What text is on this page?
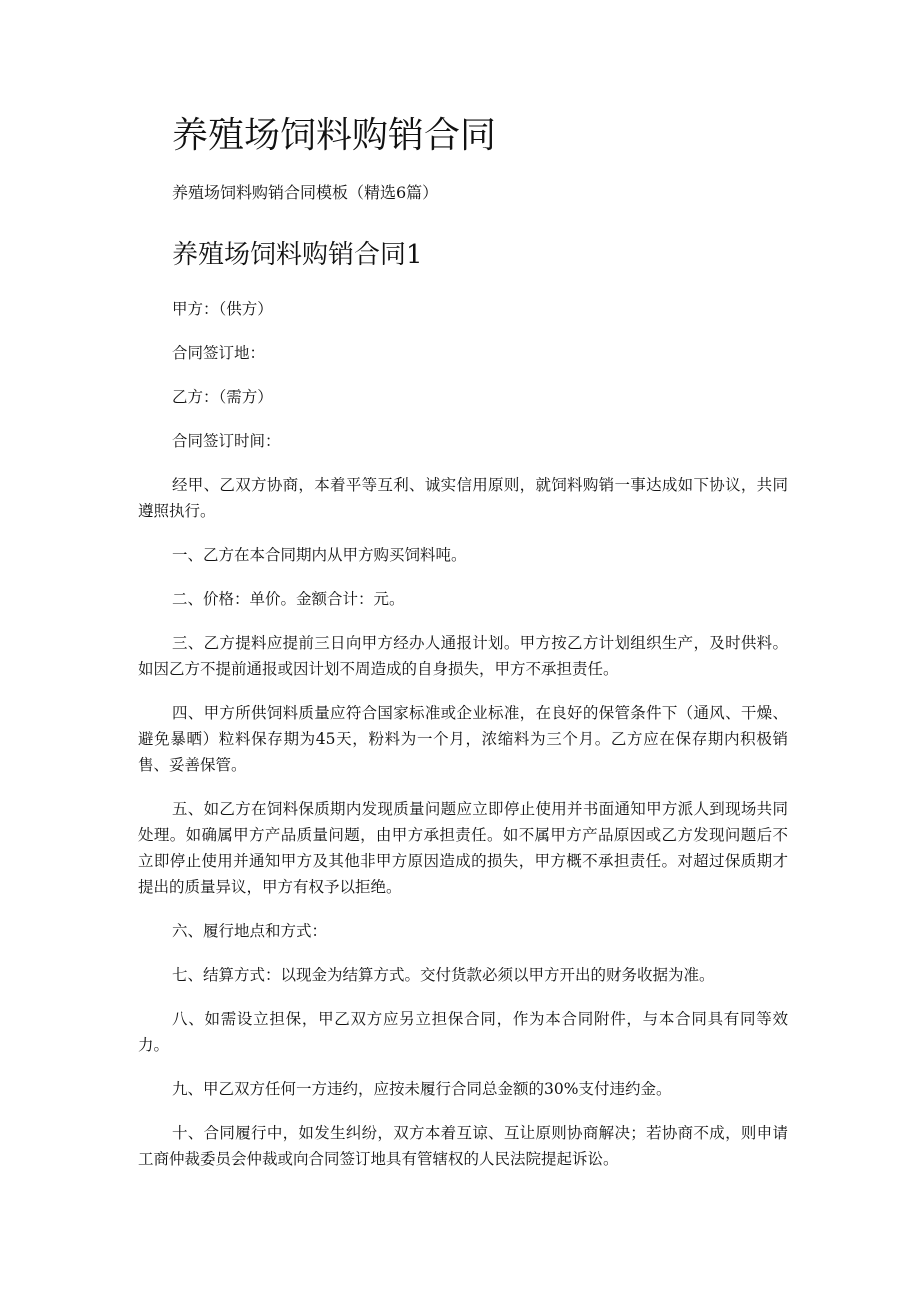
养殖场饲料购销合同

养殖场饲料购销合同模板（精选6篇）

养殖场饲料购销合同1

甲方：（供方）

合同签订地：

乙方：（需方）

合同签订时间：

经甲、乙双方协商，本着平等互利、诚实信用原则，就饲料购销一事达成如下协议，共同遵照执行。

一、乙方在本合同期内从甲方购买饲料吨。

二、价格：单价。金额合计：元。

三、乙方提料应提前三日向甲方经办人通报计划。甲方按乙方计划组织生产，及时供料。如因乙方不提前通报或因计划不周造成的自身损失，甲方不承担责任。

四、甲方所供饲料质量应符合国家标准或企业标准，在良好的保管条件下（通风、干燥、避免暴晒）粒料保存期为45天，粉料为一个月，浓缩料为三个月。乙方应在保存期内积极销售、妥善保管。

五、如乙方在饲料保质期内发现质量问题应立即停止使用并书面通知甲方派人到现场共同处理。如确属甲方产品质量问题，由甲方承担责任。如不属甲方产品原因或乙方发现问题后不立即停止使用并通知甲方及其他非甲方原因造成的损失，甲方概不承担责任。对超过保质期才提出的质量异议，甲方有权予以拒绝。

六、履行地点和方式：

七、结算方式：以现金为结算方式。交付货款必须以甲方开出的财务收据为准。

八、如需设立担保，甲乙双方应另立担保合同，作为本合同附件，与本合同具有同等效力。

九、甲乙双方任何一方违约，应按未履行合同总金额的30%支付违约金。

十、合同履行中，如发生纠纷，双方本着互谅、互让原则协商解决；若协商不成，则申请工商仲裁委员会仲裁或向合同签订地具有管辖权的人民法院提起诉讼。
